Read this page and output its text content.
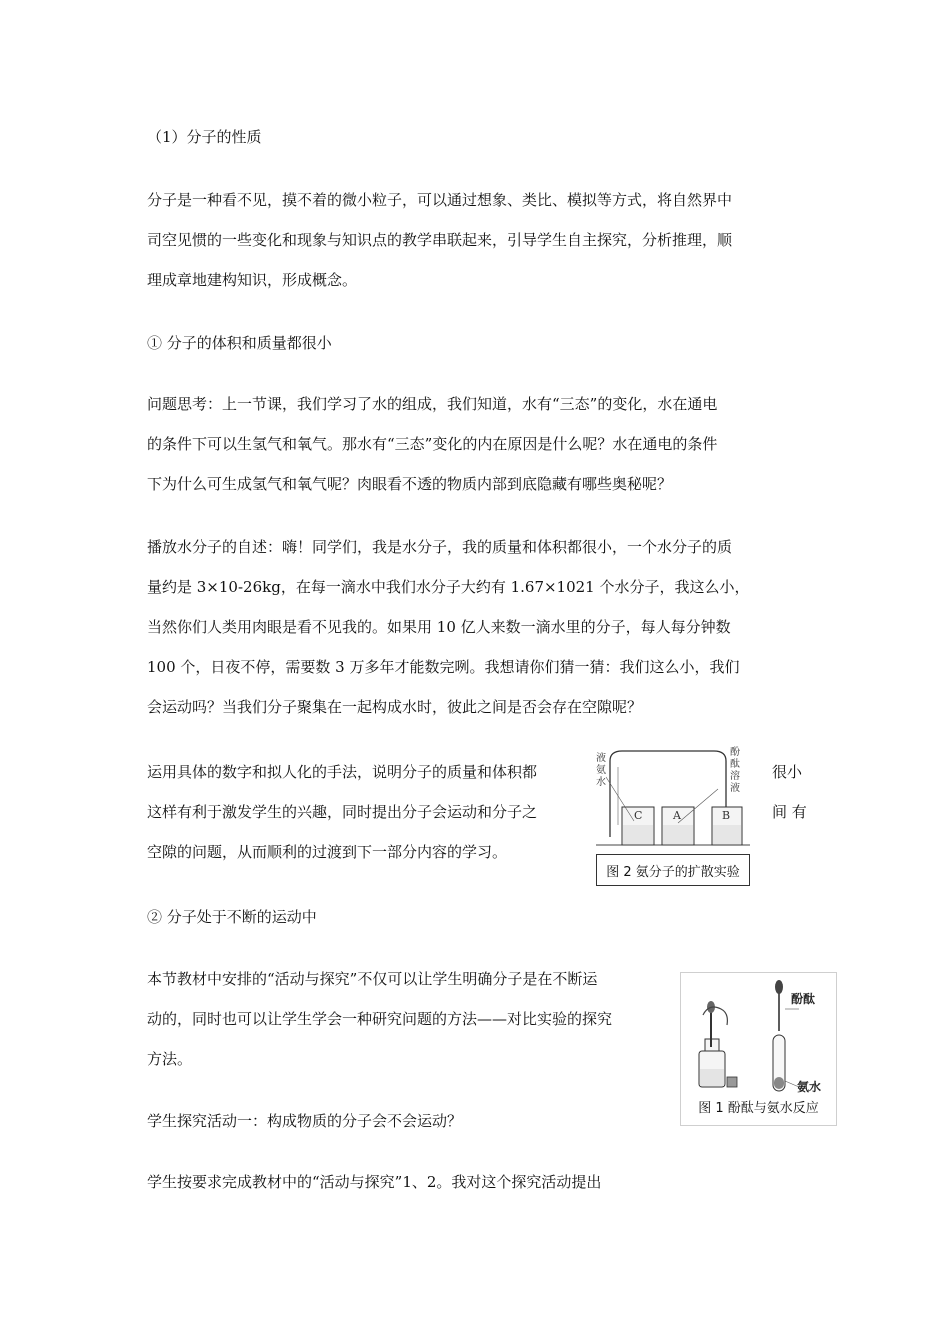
（1）分子的性质
分子是一种看不见，摸不着的微小粒子，可以通过想象、类比、模拟等方式，将自然界中
司空见惯的一些变化和现象与知识点的教学串联起来，引导学生自主探究，分析推理，顺
理成章地建构知识，形成概念。
① 分子的体积和质量都很小
问题思考：上一节课，我们学习了水的组成，我们知道，水有“三态”的变化，水在通电
的条件下可以生氢气和氧气。那水有“三态”变化的内在原因是什么呢？水在通电的条件
下为什么可生成氢气和氧气呢？肉眼看不透的物质内部到底隐藏有哪些奥秘呢？
播放水分子的自述：嗨！同学们，我是水分子，我的质量和体积都很小，一个水分子的质
量约是 3×10-26kg，在每一滴水中我们水分子大约有 1.67×1021 个水分子，我这么小，
当然你们人类用肉眼是看不见我的。如果用 10 亿人来数一滴水里的分子，每人每分钟数
100 个，日夜不停，需要数 3 万多年才能数完咧。我想请你们猜一猜：我们这么小，我们
会运动吗？当我们分子聚集在一起构成水时，彼此之间是否会存在空隙呢？
运用具体的数字和拟人化的手法，说明分子的质量和体积都	很小
这样有利于激发学生的兴趣，同时提出分子会运动和分子之	间 有
空隙的问题，从而顺利的过渡到下一部分内容的学习。
液氨水
酚酞溶液
C	A	B
图 2 氨分子的扩散实验
② 分子处于不断的运动中
本节教材中安排的“活动与探究”不仅可以让学生明确分子是在不断运
动的，同时也可以让学生学会一种研究问题的方法——对比实验的探究
方法。
学生探究活动一：构成物质的分子会不会运动？
学生按要求完成教材中的“活动与探究”1、2。我对这个探究活动提出
酚酞
氨水
图 1 酚酞与氨水反应
